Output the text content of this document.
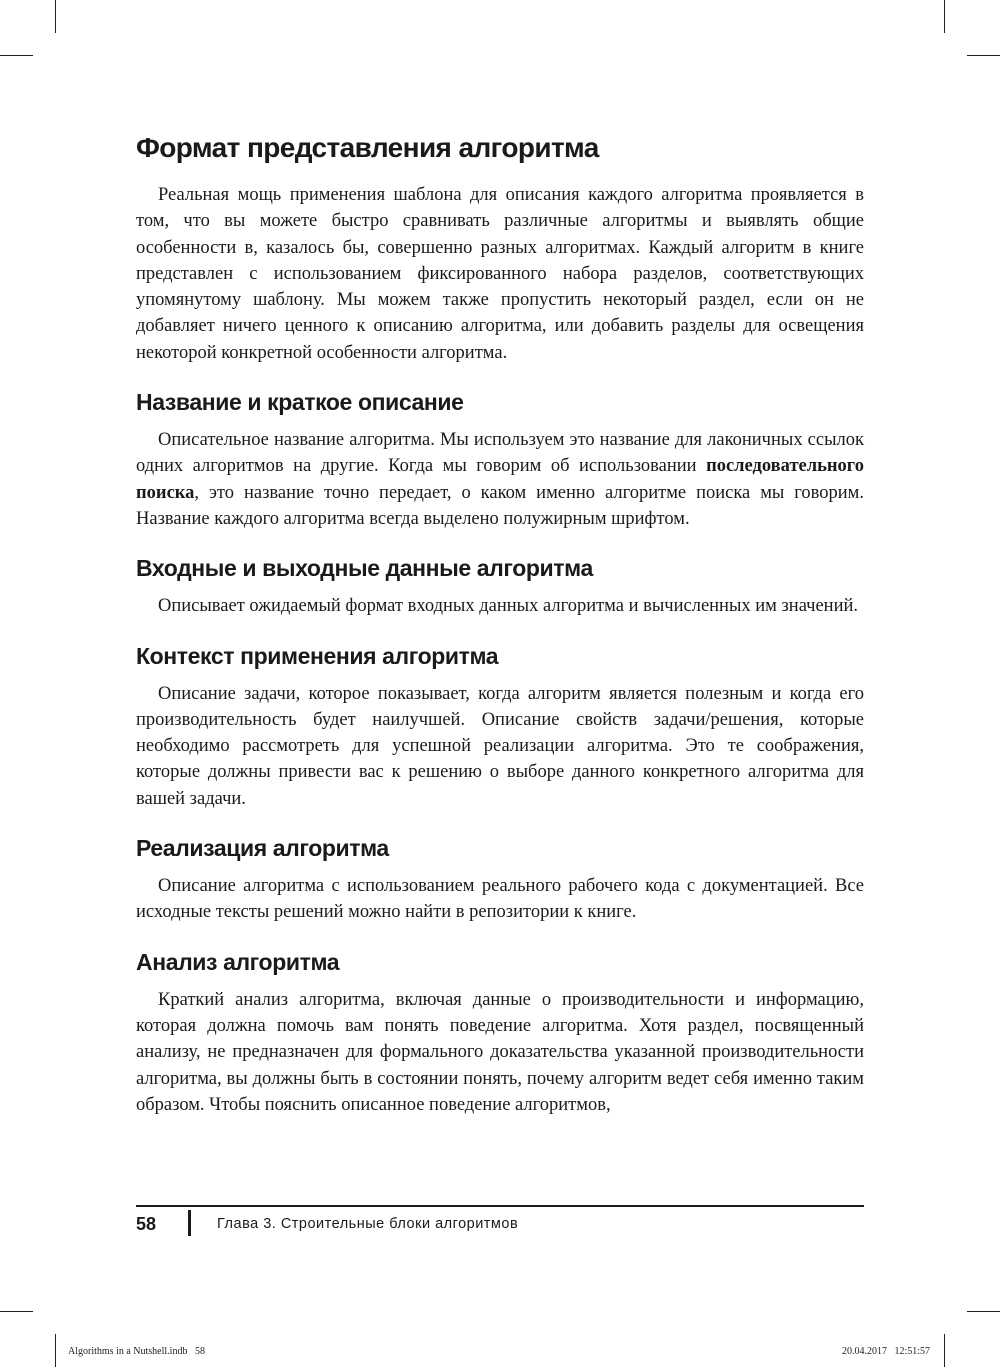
Формат представления алгоритма

Реальная мощь применения шаблона для описания каждого алгоритма проявляется в том, что вы можете быстро сравнивать различные алгоритмы и выявлять общие особенности в, казалось бы, совершенно разных алгоритмах. Каждый алгоритм в книге представлен с использованием фиксированного набора разделов, соответствующих упомянутому шаблону. Мы можем также пропустить некоторый раздел, если он не добавляет ничего ценного к описанию алгоритма, или добавить разделы для освещения некоторой конкретной особенности алгоритма.

Название и краткое описание

Описательное название алгоритма. Мы используем это название для лаконичных ссылок одних алгоритмов на другие. Когда мы говорим об использовании последовательного поиска, это название точно передает, о каком именно алгоритме поиска мы говорим. Название каждого алгоритма всегда выделено полужирным шрифтом.

Входные и выходные данные алгоритма

Описывает ожидаемый формат входных данных алгоритма и вычисленных им значений.

Контекст применения алгоритма

Описание задачи, которое показывает, когда алгоритм является полезным и когда его производительность будет наилучшей. Описание свойств задачи/решения, которые необходимо рассмотреть для успешной реализации алгоритма. Это те соображения, которые должны привести вас к решению о выборе данного конкретного алгоритма для вашей задачи.

Реализация алгоритма

Описание алгоритма с использованием реального рабочего кода с документацией. Все исходные тексты решений можно найти в репозитории к книге.

Анализ алгоритма

Краткий анализ алгоритма, включая данные о производительности и информацию, которая должна помочь вам понять поведение алгоритма. Хотя раздел, посвященный анализу, не предназначен для формального доказательства указанной производительности алгоритма, вы должны быть в состоянии понять, почему алгоритм ведет себя именно таким образом. Чтобы пояснить описанное поведение алгоритмов,

58	Глава 3. Строительные блоки алгоритмов
Algorithms in a Nutshell.indb   58	20.04.2017   12:51:57
